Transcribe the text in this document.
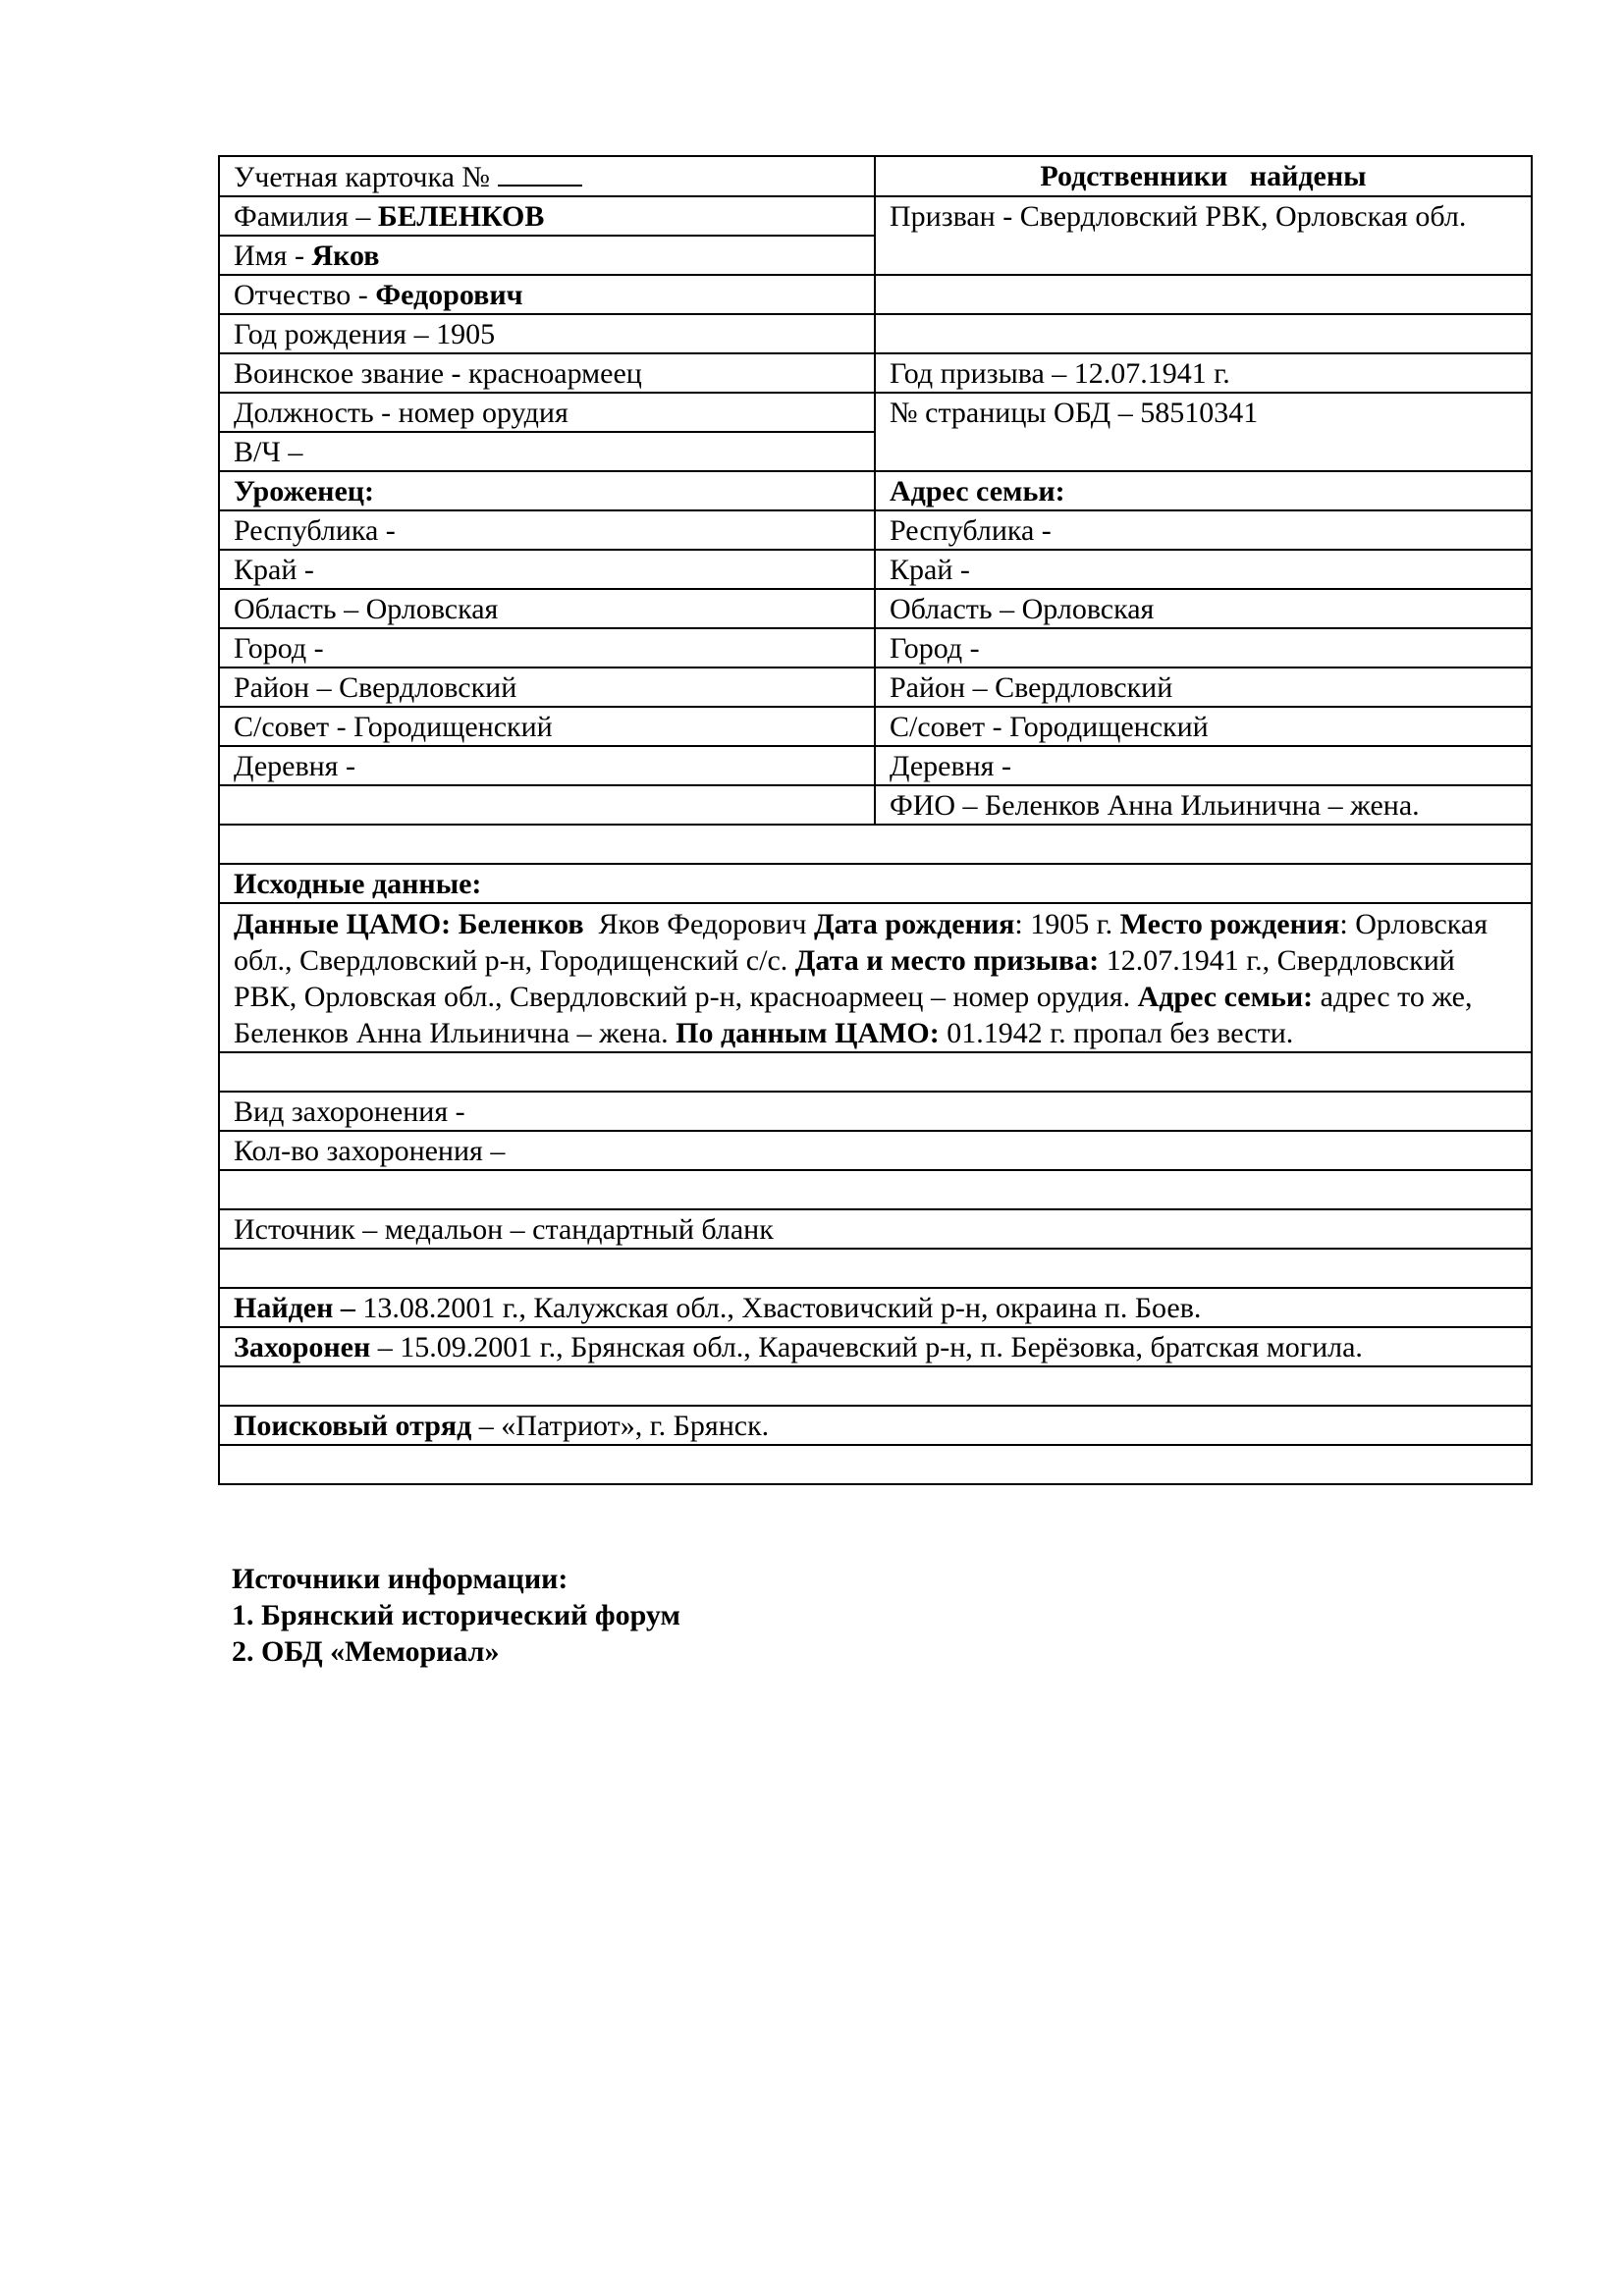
Учетная карточка №	Родственники   найдены
Фамилия – БЕЛЕНКОВ	Призван - Свердловский РВК, Орловская обл.
Имя - Яков	
Отчество - Федорович	
Год рождения – 1905	
Воинское звание - красноармеец	Год призыва – 12.07.1941 г.
Должность - номер орудия	№ страницы ОБД – 58510341
В/Ч –	
Уроженец:	Адрес семьи:
Республика -	Республика -
Край -	Край -
Область – Орловская	Область – Орловская
Город -	Город -
Район – Свердловский	Район – Свердловский
С/совет - Городищенский	С/совет - Городищенский
Деревня -	Деревня -
	ФИО – Беленков Анна Ильинична – жена.

Исходные данные:	
Данные ЦАМО: Беленков  Яков Федорович Дата рождения: 1905 г. Место рождения: Орловская обл., Свердловский р-н, Городищенский с/с. Дата и место призыва: 12.07.1941 г., Свердловский РВК, Орловская обл., Свердловский р-н, красноармеец – номер орудия. Адрес семьи: адрес то же, Беленков Анна Ильинична – жена. По данным ЦАМО: 01.1942 г. пропал без вести.	

Вид захоронения -	
Кол-во захоронения –	

Источник – медальон – стандартный бланк	

Найден – 13.08.2001 г., Калужская обл., Хвастовичский р-н, окраина п. Боев.	
Захоронен – 15.09.2001 г., Брянская обл., Карачевский р-н, п. Берёзовка, братская могила.	

Поисковый отряд – «Патриот», г. Брянск.	

Источники информации:
1. Брянский исторический форум
2. ОБД «Мемориал»
